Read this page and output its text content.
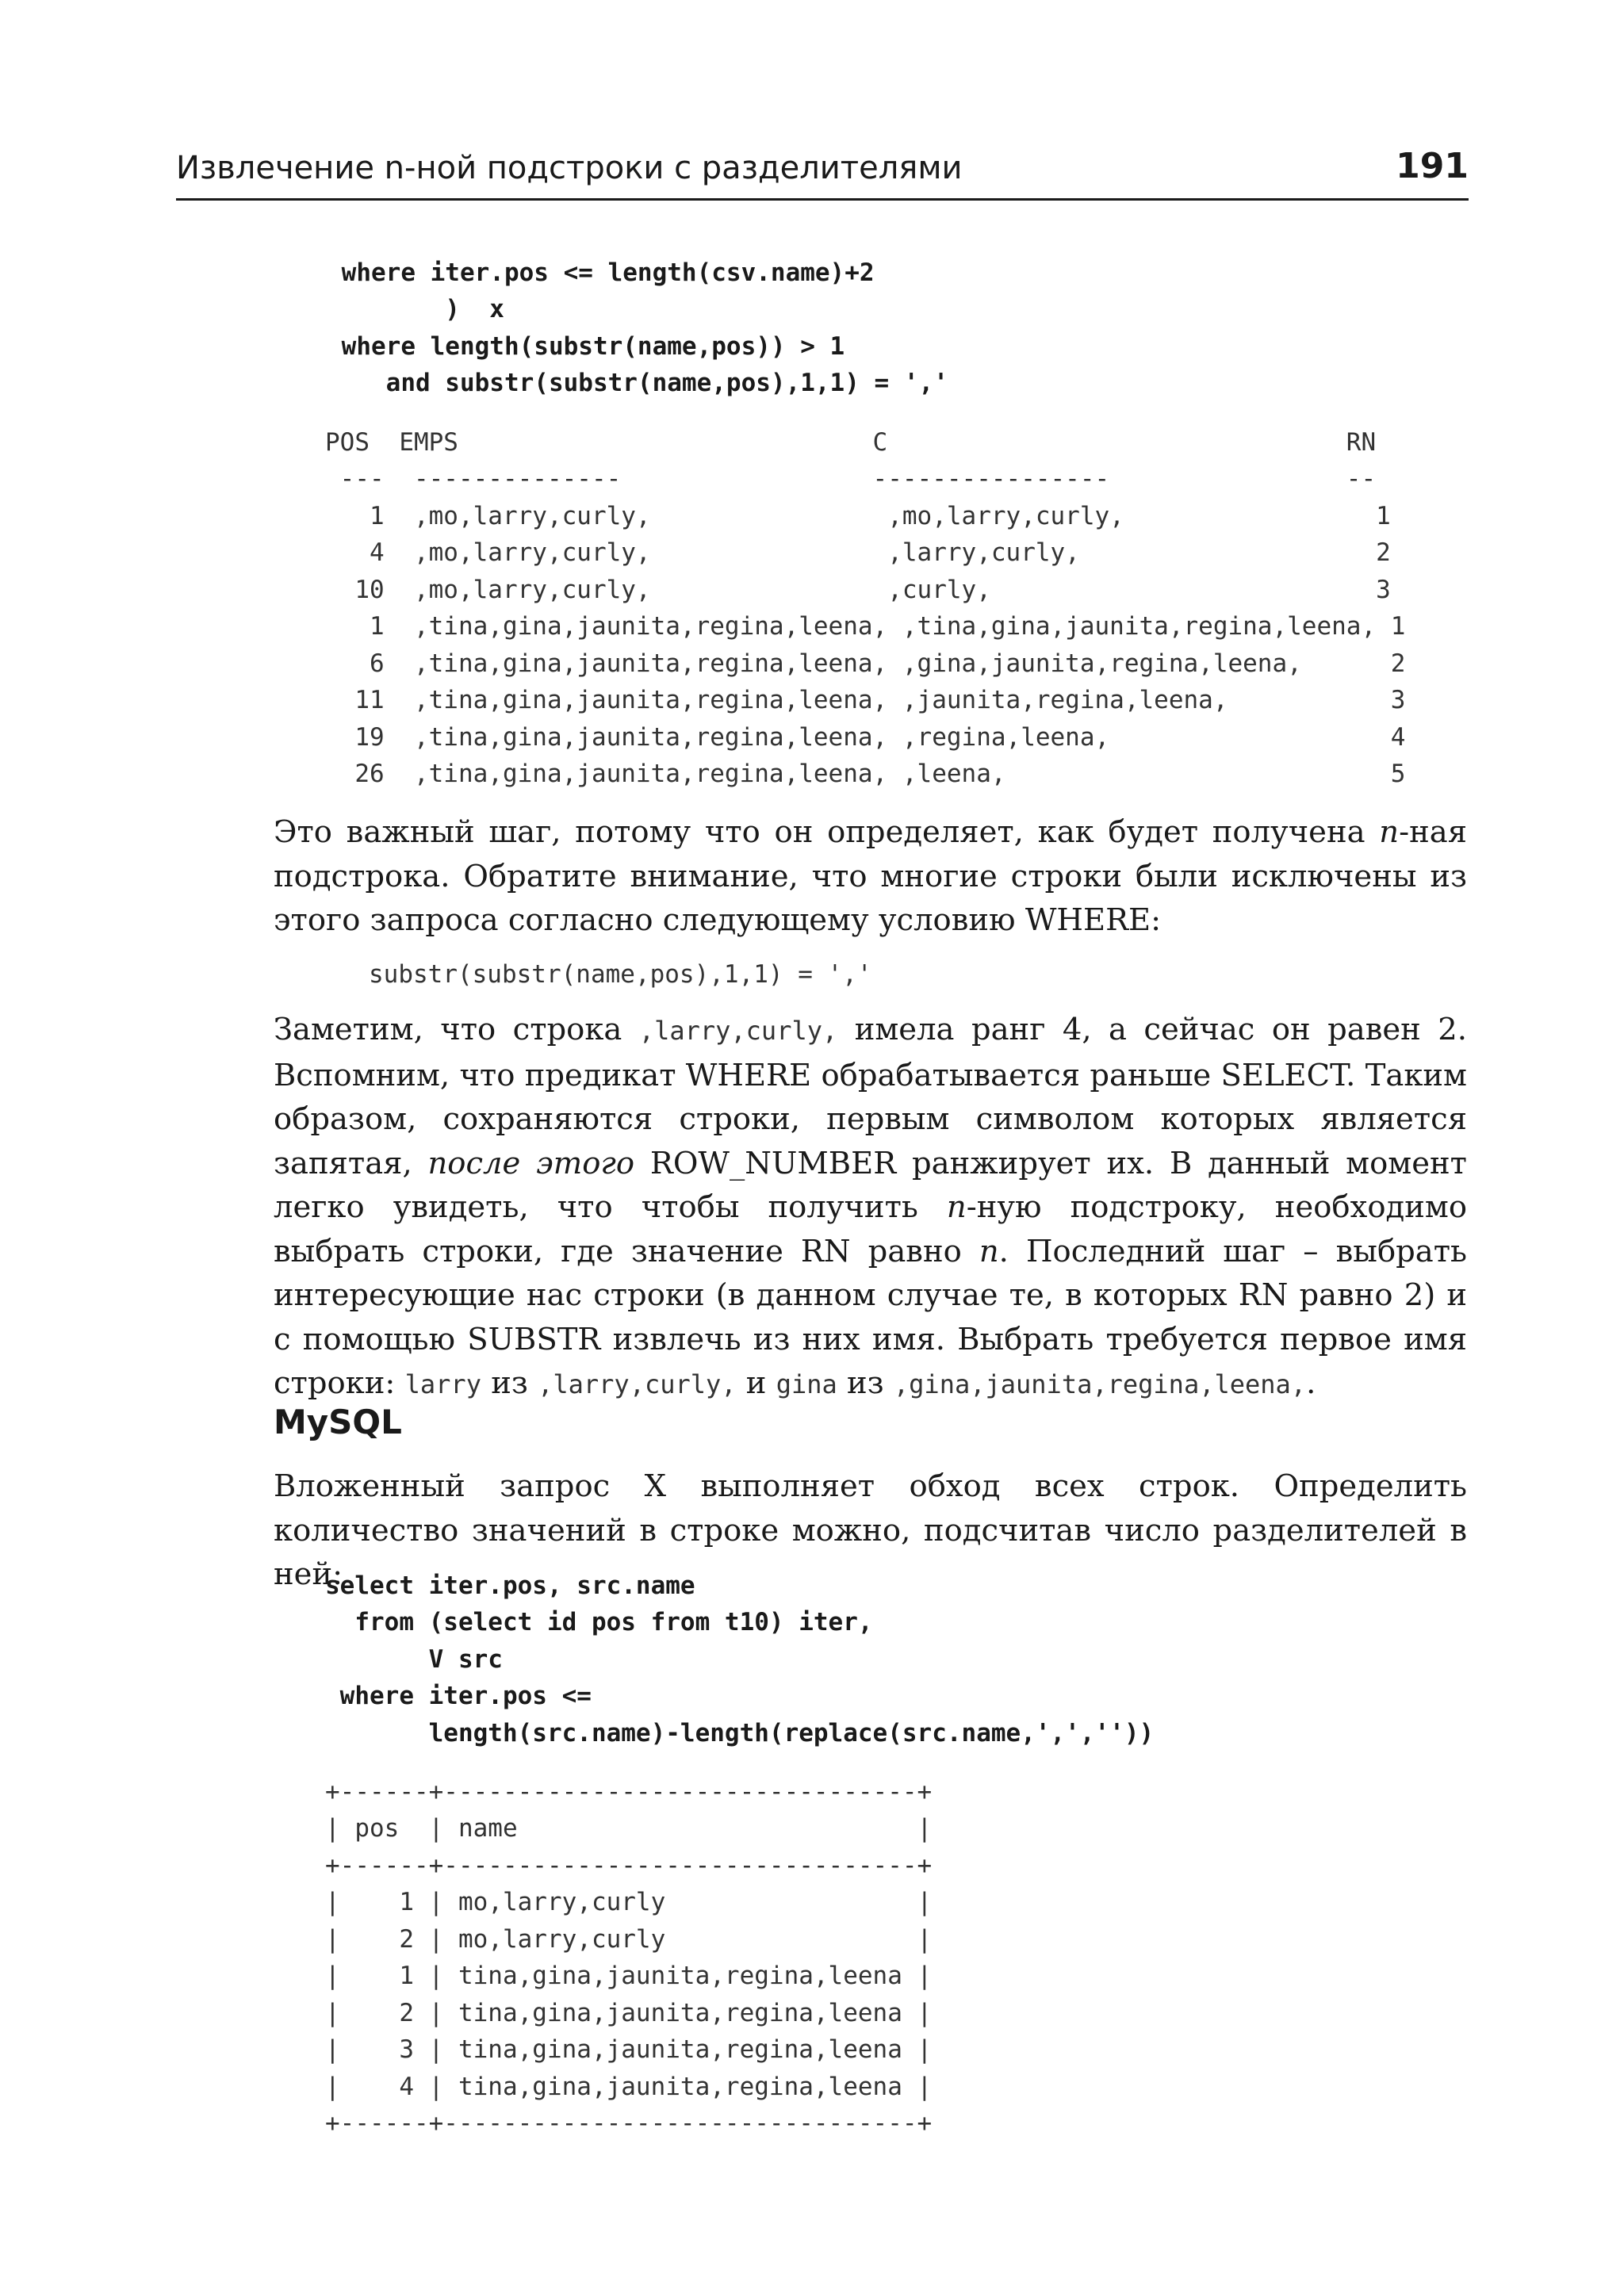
Извлечение n-ной подстроки с разделителями	191
where iter.pos <= length(csv.name)+2
)  x
where length(substr(name,pos)) > 1
and substr(substr(name,pos),1,1) = ','
POS  EMPS                            C                               RN
---  --------------                 ----------------                --
1  ,mo,larry,curly,                ,mo,larry,curly,                 1
4  ,mo,larry,curly,                ,larry,curly,                    2
10  ,mo,larry,curly,                ,curly,                          3
1  ,tina,gina,jaunita,regina,leena, ,tina,gina,jaunita,regina,leena, 1
6  ,tina,gina,jaunita,regina,leena, ,gina,jaunita,regina,leena,      2
11  ,tina,gina,jaunita,regina,leena, ,jaunita,regina,leena,           3
19  ,tina,gina,jaunita,regina,leena, ,regina,leena,                   4
26  ,tina,gina,jaunita,regina,leena, ,leena,                          5

Это важный шаг, потому что он определяет, как будет получена n-ная подстрока. Обратите внимание, что многие строки были исключены из этого запроса согласно следующему условию WHERE:

substr(substr(name,pos),1,1) = ','

Заметим, что строка ,larry,curly, имела ранг 4, а сейчас он равен 2. Вспомним, что предикат WHERE обрабатывается раньше SELECT. Таким образом, сохраняются строки, первым символом которых является запятая, после этого ROW_NUMBER ранжирует их. В данный момент легко увидеть, что чтобы получить n-ную подстроку, необходимо выбрать строки, где значение RN равно n. Последний шаг – выбрать интересующие нас строки (в данном случае те, в которых RN равно 2) и с помощью SUBSTR извлечь из них имя. Выбрать требуется первое имя строки: larry из ,larry,curly, и gina из ,gina,jaunita,regina,leena,.

MySQL

Вложенный запрос X выполняет обход всех строк. Определить количество значений в строке можно, подсчитав число разделителей в ней:

select iter.pos, src.name
from (select id pos from t10) iter,
V src
where iter.pos <=
length(src.name)-length(replace(src.name,',',''))
+------+--------------------------------+
| pos  | name                           |
+------+--------------------------------+
|    1 | mo,larry,curly                 |
|    2 | mo,larry,curly                 |
|    1 | tina,gina,jaunita,regina,leena |
|    2 | tina,gina,jaunita,regina,leena |
|    3 | tina,gina,jaunita,regina,leena |
|    4 | tina,gina,jaunita,regina,leena |
+------+--------------------------------+
